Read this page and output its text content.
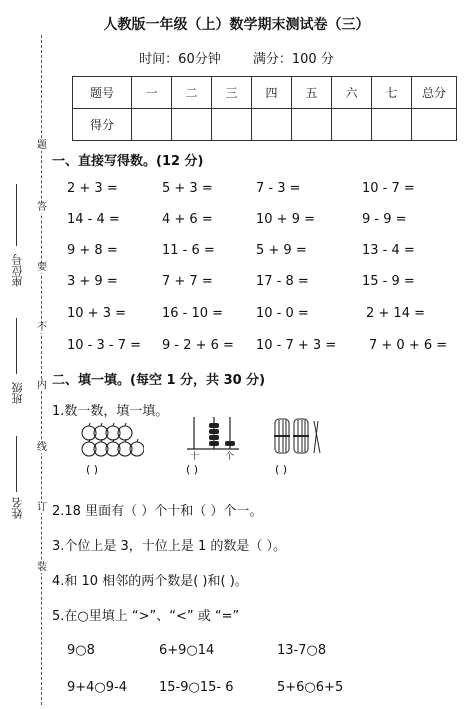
人教版一年级（上）数学期末测试卷（三）
时间：60分钟 满分：100 分
题号	一	二	三	四	五	六	七	总分
得分								
题
答
要
不
内
线
订
装
座位号
班级
姓名
一、直接写得数。(12 分)
2 + 3 =	5 + 3 =	7 - 3 =	10 - 7 =
14 - 4 =	4 + 6 =	10 + 9 =	9 - 9 =
9 + 8 =	11 - 6 =	5 + 9 =	13 - 4 =
3 + 9 =	7 + 7 =	17 - 8 =	15 - 9 =
10 + 3 =	16 - 10 =	10 - 0 =	2 + 14 =
10 - 3 - 7 = 9 - 2 + 6 = 10 - 7 + 3 =	7 + 0 + 6 =
二、填一填。(每空 1 分，共 30 分)
1.数一数，填一填。
十	个
( )	( )	( )
2.18 里面有（ ）个十和（ ）个一。
3.个位上是 3，十位上是 1 的数是（ ）。
4.和 10 相邻的两个数是( )和( )。
5.在○里填上 “>”、“<” 或 “=”
9○8	6+9○14	13-7○8
9+4○9-4 15-9○15- 6	5+6○6+5
